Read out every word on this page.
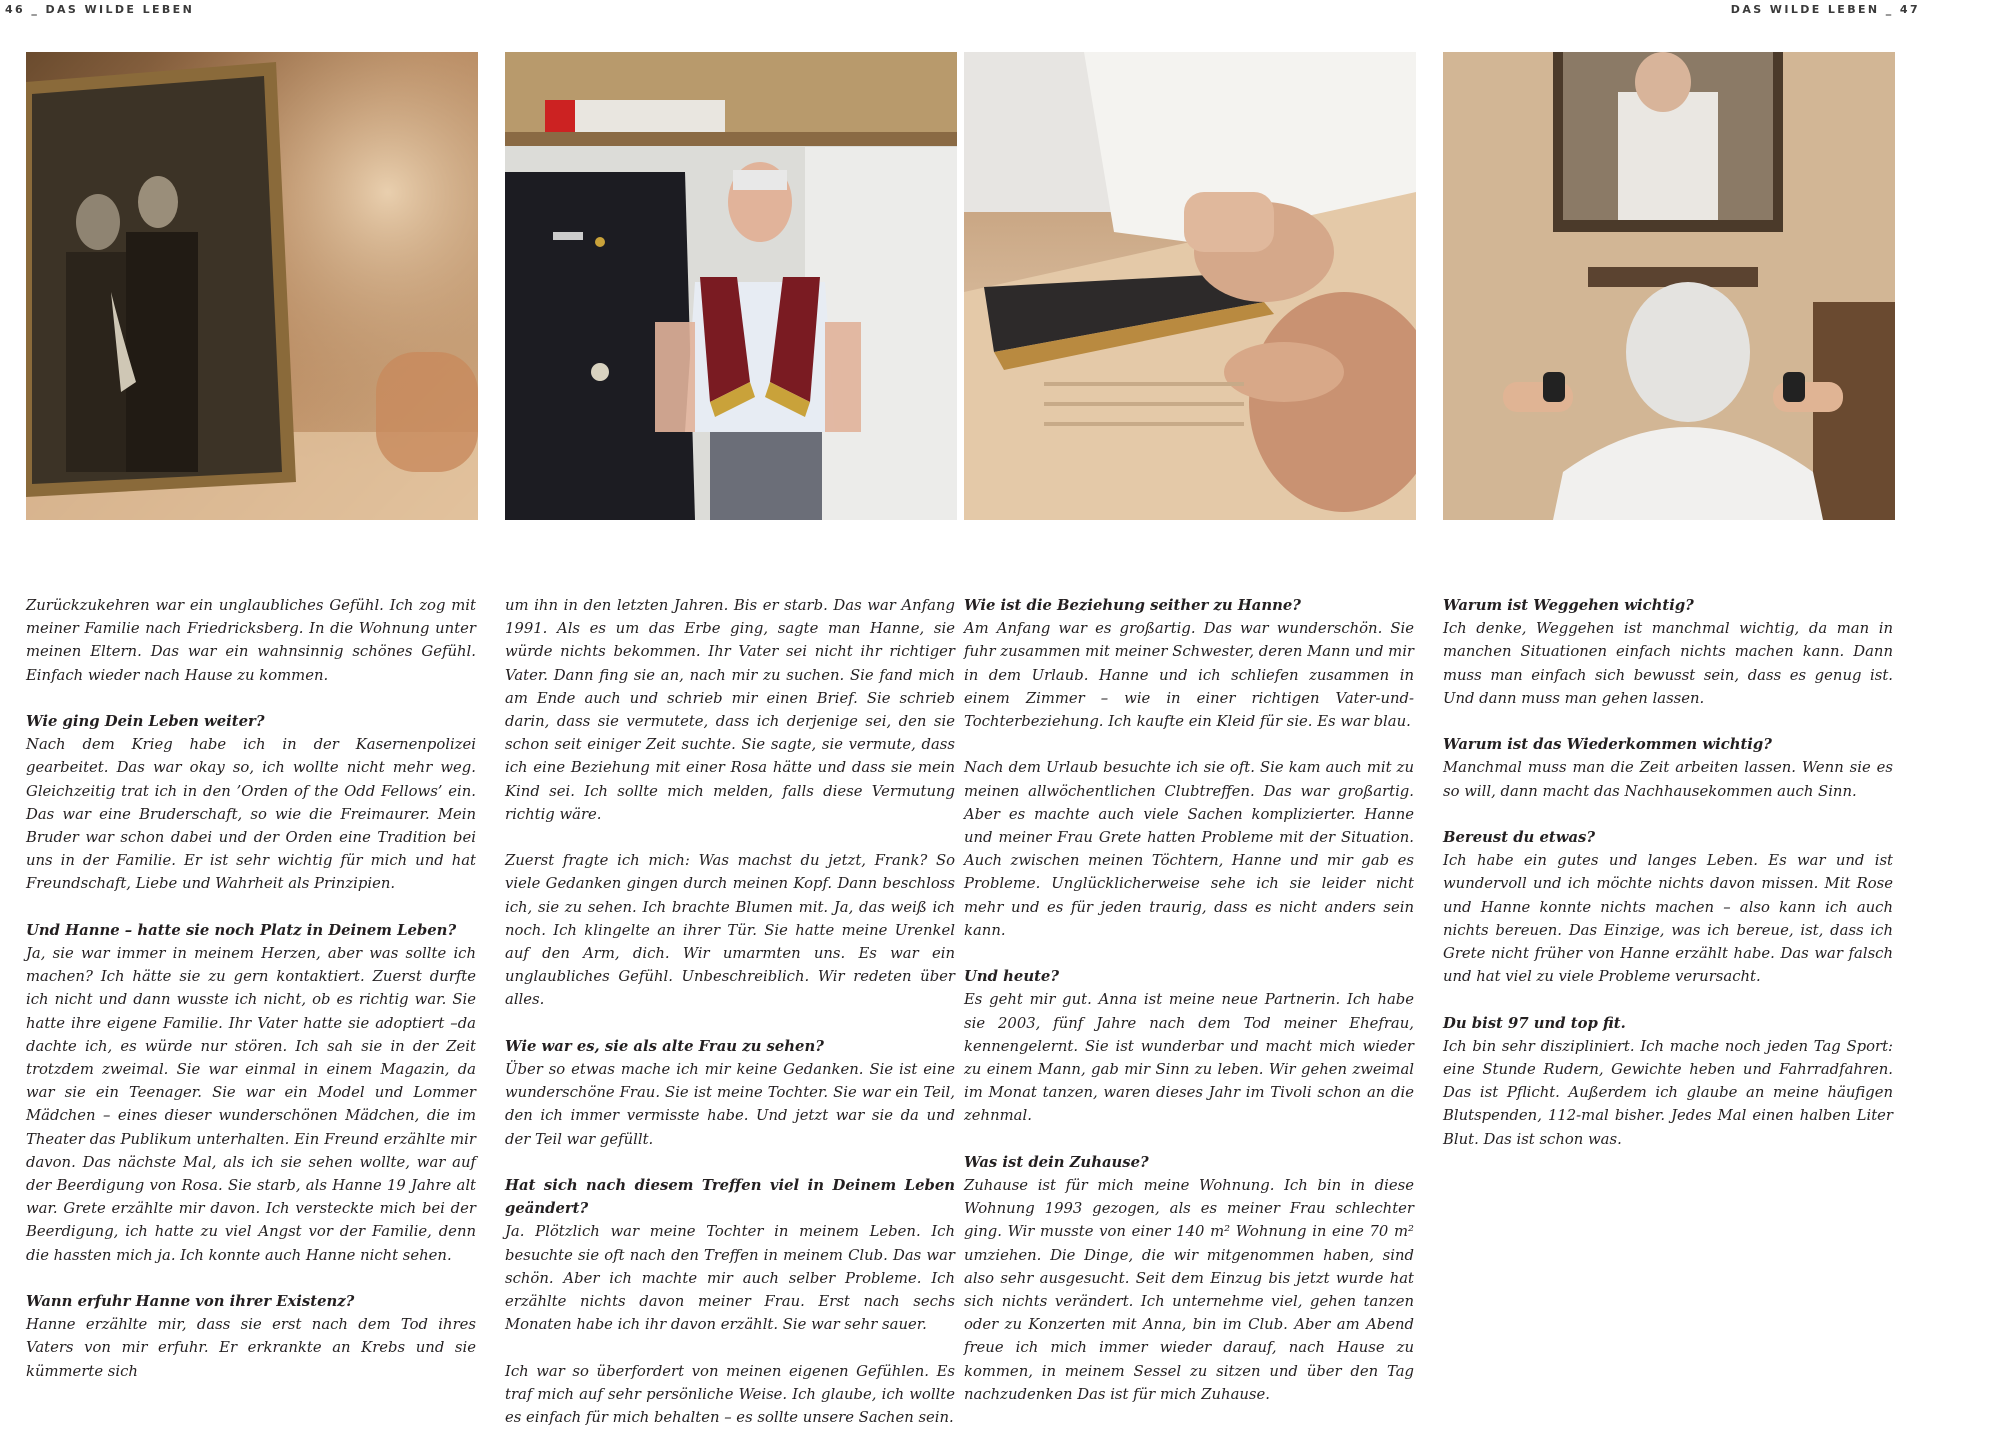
46 _ DAS WILDE LEBEN	DAS WILDE LEBEN _ 47

Zurückzukehren war ein unglaubliches Gefühl. Ich zog mit meiner Familie nach Friedricksberg. In die Wohnung unter meinen Eltern. Das war ein wahnsinnig schönes Gefühl. Einfach wieder nach Hause zu kommen.

Wie ging Dein Leben weiter?

Nach dem Krieg habe ich in der Kasernenpolizei gearbeitet. Das war okay so, ich wollte nicht mehr weg. Gleichzeitig trat ich in den ’Orden of the Odd Fellows’ ein. Das war eine Bruderschaft, so wie die Freimaurer. Mein Bruder war schon dabei und der Orden eine Tradition bei uns in der Familie. Er ist sehr wichtig für mich und hat Freundschaft, Liebe und Wahrheit als Prinzipien.

Und Hanne – hatte sie noch Platz in Deinem Leben?

Ja, sie war immer in meinem Herzen, aber was sollte ich machen? Ich hätte sie zu gern kontaktiert. Zuerst durfte ich nicht und dann wusste ich nicht, ob es richtig war. Sie hatte ihre eigene Familie. Ihr Vater hatte sie adoptiert –da dachte ich, es würde nur stören. Ich sah sie in der Zeit trotzdem zweimal. Sie war einmal in einem Magazin, da war sie ein Teenager. Sie war ein Model und Lommer Mädchen – eines dieser wunderschönen Mädchen, die im Theater das Publikum unterhalten. Ein Freund erzählte mir davon. Das nächste Mal, als ich sie sehen wollte, war auf der Beerdigung von Rosa. Sie starb, als Hanne 19 Jahre alt war. Grete erzählte mir davon. Ich versteckte mich bei der Beerdigung, ich hatte zu viel Angst vor der Familie, denn die hassten mich ja. Ich konnte auch Hanne nicht sehen.

Wann erfuhr Hanne von ihrer Existenz?

Hanne erzählte mir, dass sie erst nach dem Tod ihres Vaters von mir erfuhr. Er erkrankte an Krebs und sie kümmerte sich

um ihn in den letzten Jahren. Bis er starb. Das war Anfang 1991. Als es um das Erbe ging, sagte man Hanne, sie würde nichts bekommen. Ihr Vater sei nicht ihr richtiger Vater. Dann fing sie an, nach mir zu suchen. Sie fand mich am Ende auch und schrieb mir einen Brief. Sie schrieb darin, dass sie vermutete, dass ich derjenige sei, den sie schon seit einiger Zeit suchte. Sie sagte, sie vermute, dass ich eine Beziehung mit einer Rosa hätte und dass sie mein Kind sei. Ich sollte mich melden, falls diese Vermutung richtig wäre.

Zuerst fragte ich mich: Was machst du jetzt, Frank? So viele Gedanken gingen durch meinen Kopf. Dann beschloss ich, sie zu sehen. Ich brachte Blumen mit. Ja, das weiß ich noch. Ich klingelte an ihrer Tür. Sie hatte meine Urenkel auf den Arm, dich. Wir umarmten uns. Es war ein unglaubliches Gefühl. Unbeschreiblich. Wir redeten über alles.

Wie war es, sie als alte Frau zu sehen?

Über so etwas mache ich mir keine Gedanken. Sie ist eine wunderschöne Frau. Sie ist meine Tochter. Sie war ein Teil, den ich immer vermisste habe. Und jetzt war sie da und der Teil war gefüllt.

Hat sich nach diesem Treffen viel in Deinem Leben geändert?

Ja. Plötzlich war meine Tochter in meinem Leben. Ich besuchte sie oft nach den Treffen in meinem Club. Das war schön. Aber ich machte mir auch selber Probleme. Ich erzählte nichts davon meiner Frau. Erst nach sechs Monaten habe ich ihr davon erzählt. Sie war sehr sauer.

Ich war so überfordert von meinen eigenen Gefühlen. Es traf mich auf sehr persönliche Weise. Ich glaube, ich wollte es einfach für mich behalten – es sollte unsere Sachen sein.

Wie ist die Beziehung seither zu Hanne?

Am Anfang war es großartig. Das war wunderschön. Sie fuhr zusammen mit meiner Schwester, deren Mann und mir in dem Urlaub. Hanne und ich schliefen zusammen in einem Zimmer – wie in einer richtigen Vater-und-Tochterbeziehung. Ich kaufte ein Kleid für sie. Es war blau.

Nach dem Urlaub besuchte ich sie oft. Sie kam auch mit zu meinen allwöchentlichen Clubtreffen. Das war großartig. Aber es machte auch viele Sachen komplizierter. Hanne und meiner Frau Grete hatten Probleme mit der Situation. Auch zwischen meinen Töchtern, Hanne und mir gab es Probleme. Unglücklicherweise sehe ich sie leider nicht mehr und es für jeden traurig, dass es nicht anders sein kann.

Und heute?

Es geht mir gut. Anna ist meine neue Partnerin. Ich habe sie 2003, fünf Jahre nach dem Tod meiner Ehefrau, kennengelernt. Sie ist wunderbar und macht mich wieder zu einem Mann, gab mir Sinn zu leben. Wir gehen zweimal im Monat tanzen, waren dieses Jahr im Tivoli schon an die zehnmal.

Was ist dein Zuhause?

Zuhause ist für mich meine Wohnung. Ich bin in diese Wohnung 1993 gezogen, als es meiner Frau schlechter ging. Wir musste von einer 140 m² Wohnung in eine 70 m² umziehen. Die Dinge, die wir mitgenommen haben, sind also sehr ausgesucht. Seit dem Einzug bis jetzt wurde hat sich nichts verändert. Ich unternehme viel, gehen tanzen oder zu Konzerten mit Anna, bin im Club. Aber am Abend freue ich mich immer wieder darauf, nach Hause zu kommen, in meinem Sessel zu sitzen und über den Tag nachzudenken Das ist für mich Zuhause.

Warum ist Weggehen wichtig?

Ich denke, Weggehen ist manchmal wichtig, da man in manchen Situationen einfach nichts machen kann. Dann muss man einfach sich bewusst sein, dass es genug ist. Und dann muss man gehen lassen.

Warum ist das Wiederkommen wichtig?

Manchmal muss man die Zeit arbeiten lassen. Wenn sie es so will, dann macht das Nachhausekommen auch Sinn.

Bereust du etwas?

Ich habe ein gutes und langes Leben. Es war und ist wundervoll und ich möchte nichts davon missen. Mit Rose und Hanne konnte nichts machen – also kann ich auch nichts bereuen. Das Einzige, was ich bereue, ist, dass ich Grete nicht früher von Hanne erzählt habe. Das war falsch und hat viel zu viele Probleme verursacht.

Du bist 97 und top fit.

Ich bin sehr diszipliniert. Ich mache noch jeden Tag Sport: eine Stunde Rudern, Gewichte heben und Fahrradfahren. Das ist Pflicht. Außerdem ich glaube an meine häufigen Blutspenden, 112-mal bisher. Jedes Mal einen halben Liter Blut. Das ist schon was.
